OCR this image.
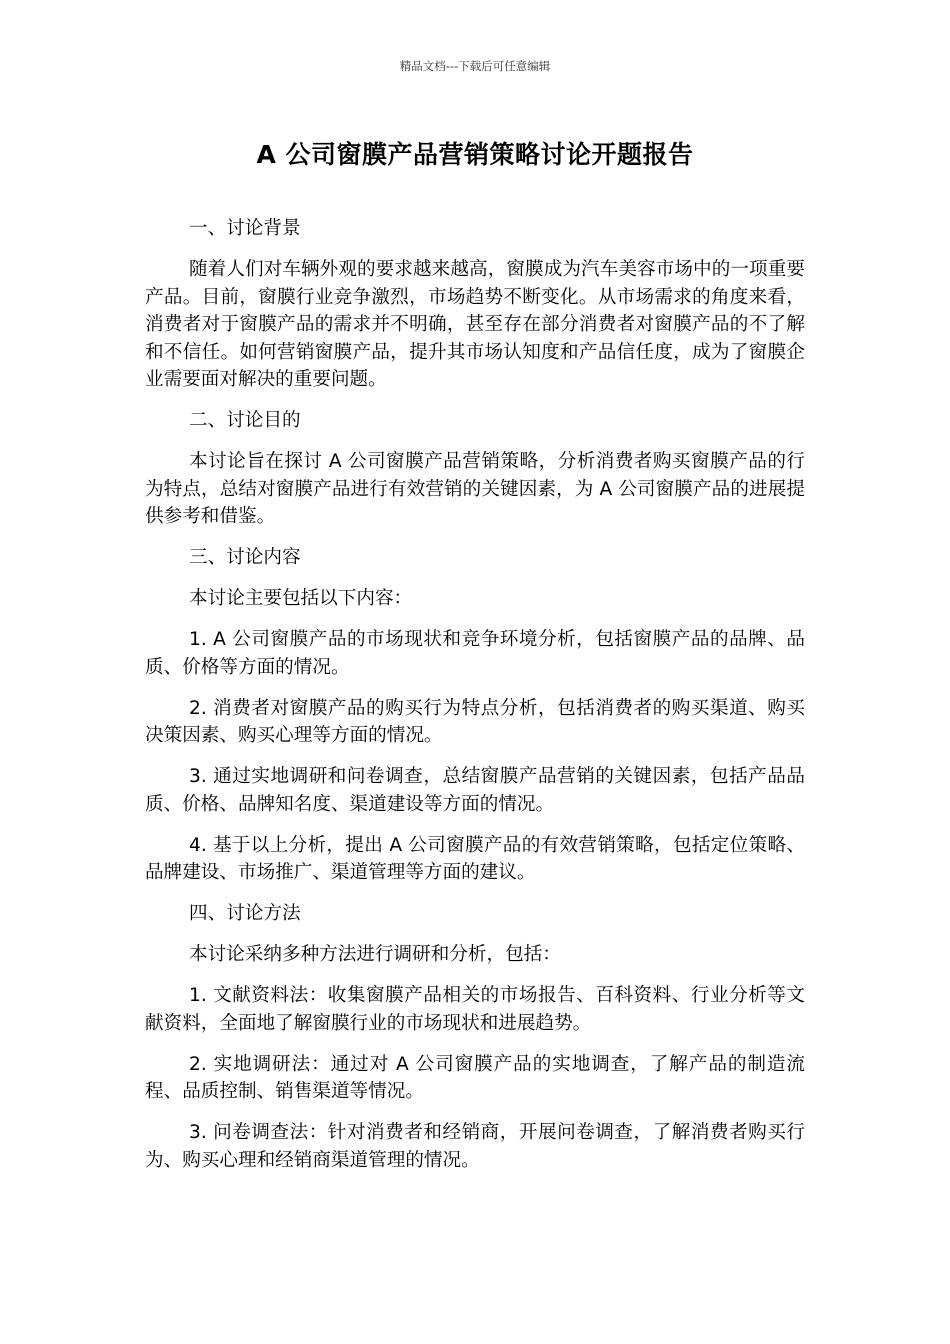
精品文档---下载后可任意编辑
A 公司窗膜产品营销策略讨论开题报告

一、讨论背景

随着人们对车辆外观的要求越来越高，窗膜成为汽车美容市场中的一项重要产品。目前，窗膜行业竞争激烈，市场趋势不断变化。从市场需求的角度来看，消费者对于窗膜产品的需求并不明确，甚至存在部分消费者对窗膜产品的不了解和不信任。如何营销窗膜产品，提升其市场认知度和产品信任度，成为了窗膜企业需要面对解决的重要问题。

二、讨论目的

本讨论旨在探讨 A 公司窗膜产品营销策略，分析消费者购买窗膜产品的行为特点，总结对窗膜产品进行有效营销的关键因素，为 A 公司窗膜产品的进展提供参考和借鉴。

三、讨论内容

本讨论主要包括以下内容：

1. A 公司窗膜产品的市场现状和竞争环境分析，包括窗膜产品的品牌、品质、价格等方面的情况。

2. 消费者对窗膜产品的购买行为特点分析，包括消费者的购买渠道、购买决策因素、购买心理等方面的情况。

3. 通过实地调研和问卷调查，总结窗膜产品营销的关键因素，包括产品品质、价格、品牌知名度、渠道建设等方面的情况。

4. 基于以上分析，提出 A 公司窗膜产品的有效营销策略，包括定位策略、品牌建设、市场推广、渠道管理等方面的建议。

四、讨论方法

本讨论采纳多种方法进行调研和分析，包括：

1. 文献资料法：收集窗膜产品相关的市场报告、百科资料、行业分析等文献资料，全面地了解窗膜行业的市场现状和进展趋势。

2. 实地调研法：通过对 A 公司窗膜产品的实地调查，了解产品的制造流程、品质控制、销售渠道等情况。

3. 问卷调查法：针对消费者和经销商，开展问卷调查，了解消费者购买行为、购买心理和经销商渠道管理的情况。
